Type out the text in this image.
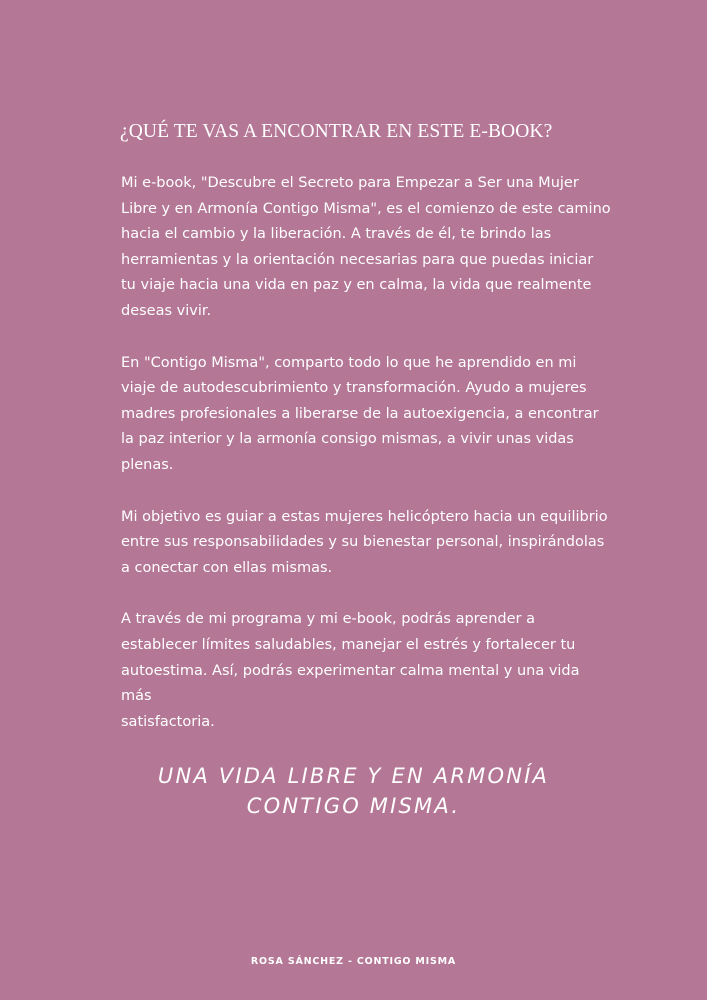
¿QUÉ TE VAS A ENCONTRAR EN ESTE E-BOOK?

Mi e-book, "Descubre el Secreto para Empezar a Ser una Mujer
Libre y en Armonía Contigo Misma", es el comienzo de este camino
hacia el cambio y la liberación. A través de él, te brindo las
herramientas y la orientación necesarias para que puedas iniciar
tu viaje hacia una vida en paz y en calma, la vida que realmente
deseas vivir.

En "Contigo Misma", comparto todo lo que he aprendido en mi
viaje de autodescubrimiento y transformación. Ayudo a mujeres
madres profesionales a liberarse de la autoexigencia, a encontrar
la paz interior y la armonía consigo mismas, a vivir unas vidas
plenas.

Mi objetivo es guiar a estas mujeres helicóptero hacia un equilibrio
entre sus responsabilidades y su bienestar personal, inspirándolas
a conectar con ellas mismas.

A través de mi programa y mi e-book, podrás aprender a
establecer límites saludables, manejar el estrés y fortalecer tu
autoestima. Así, podrás experimentar calma mental y una vida más
satisfactoria.

UNA VIDA LIBRE Y EN ARMONÍA
CONTIGO MISMA.
ROSA SÁNCHEZ - CONTIGO MISMA
